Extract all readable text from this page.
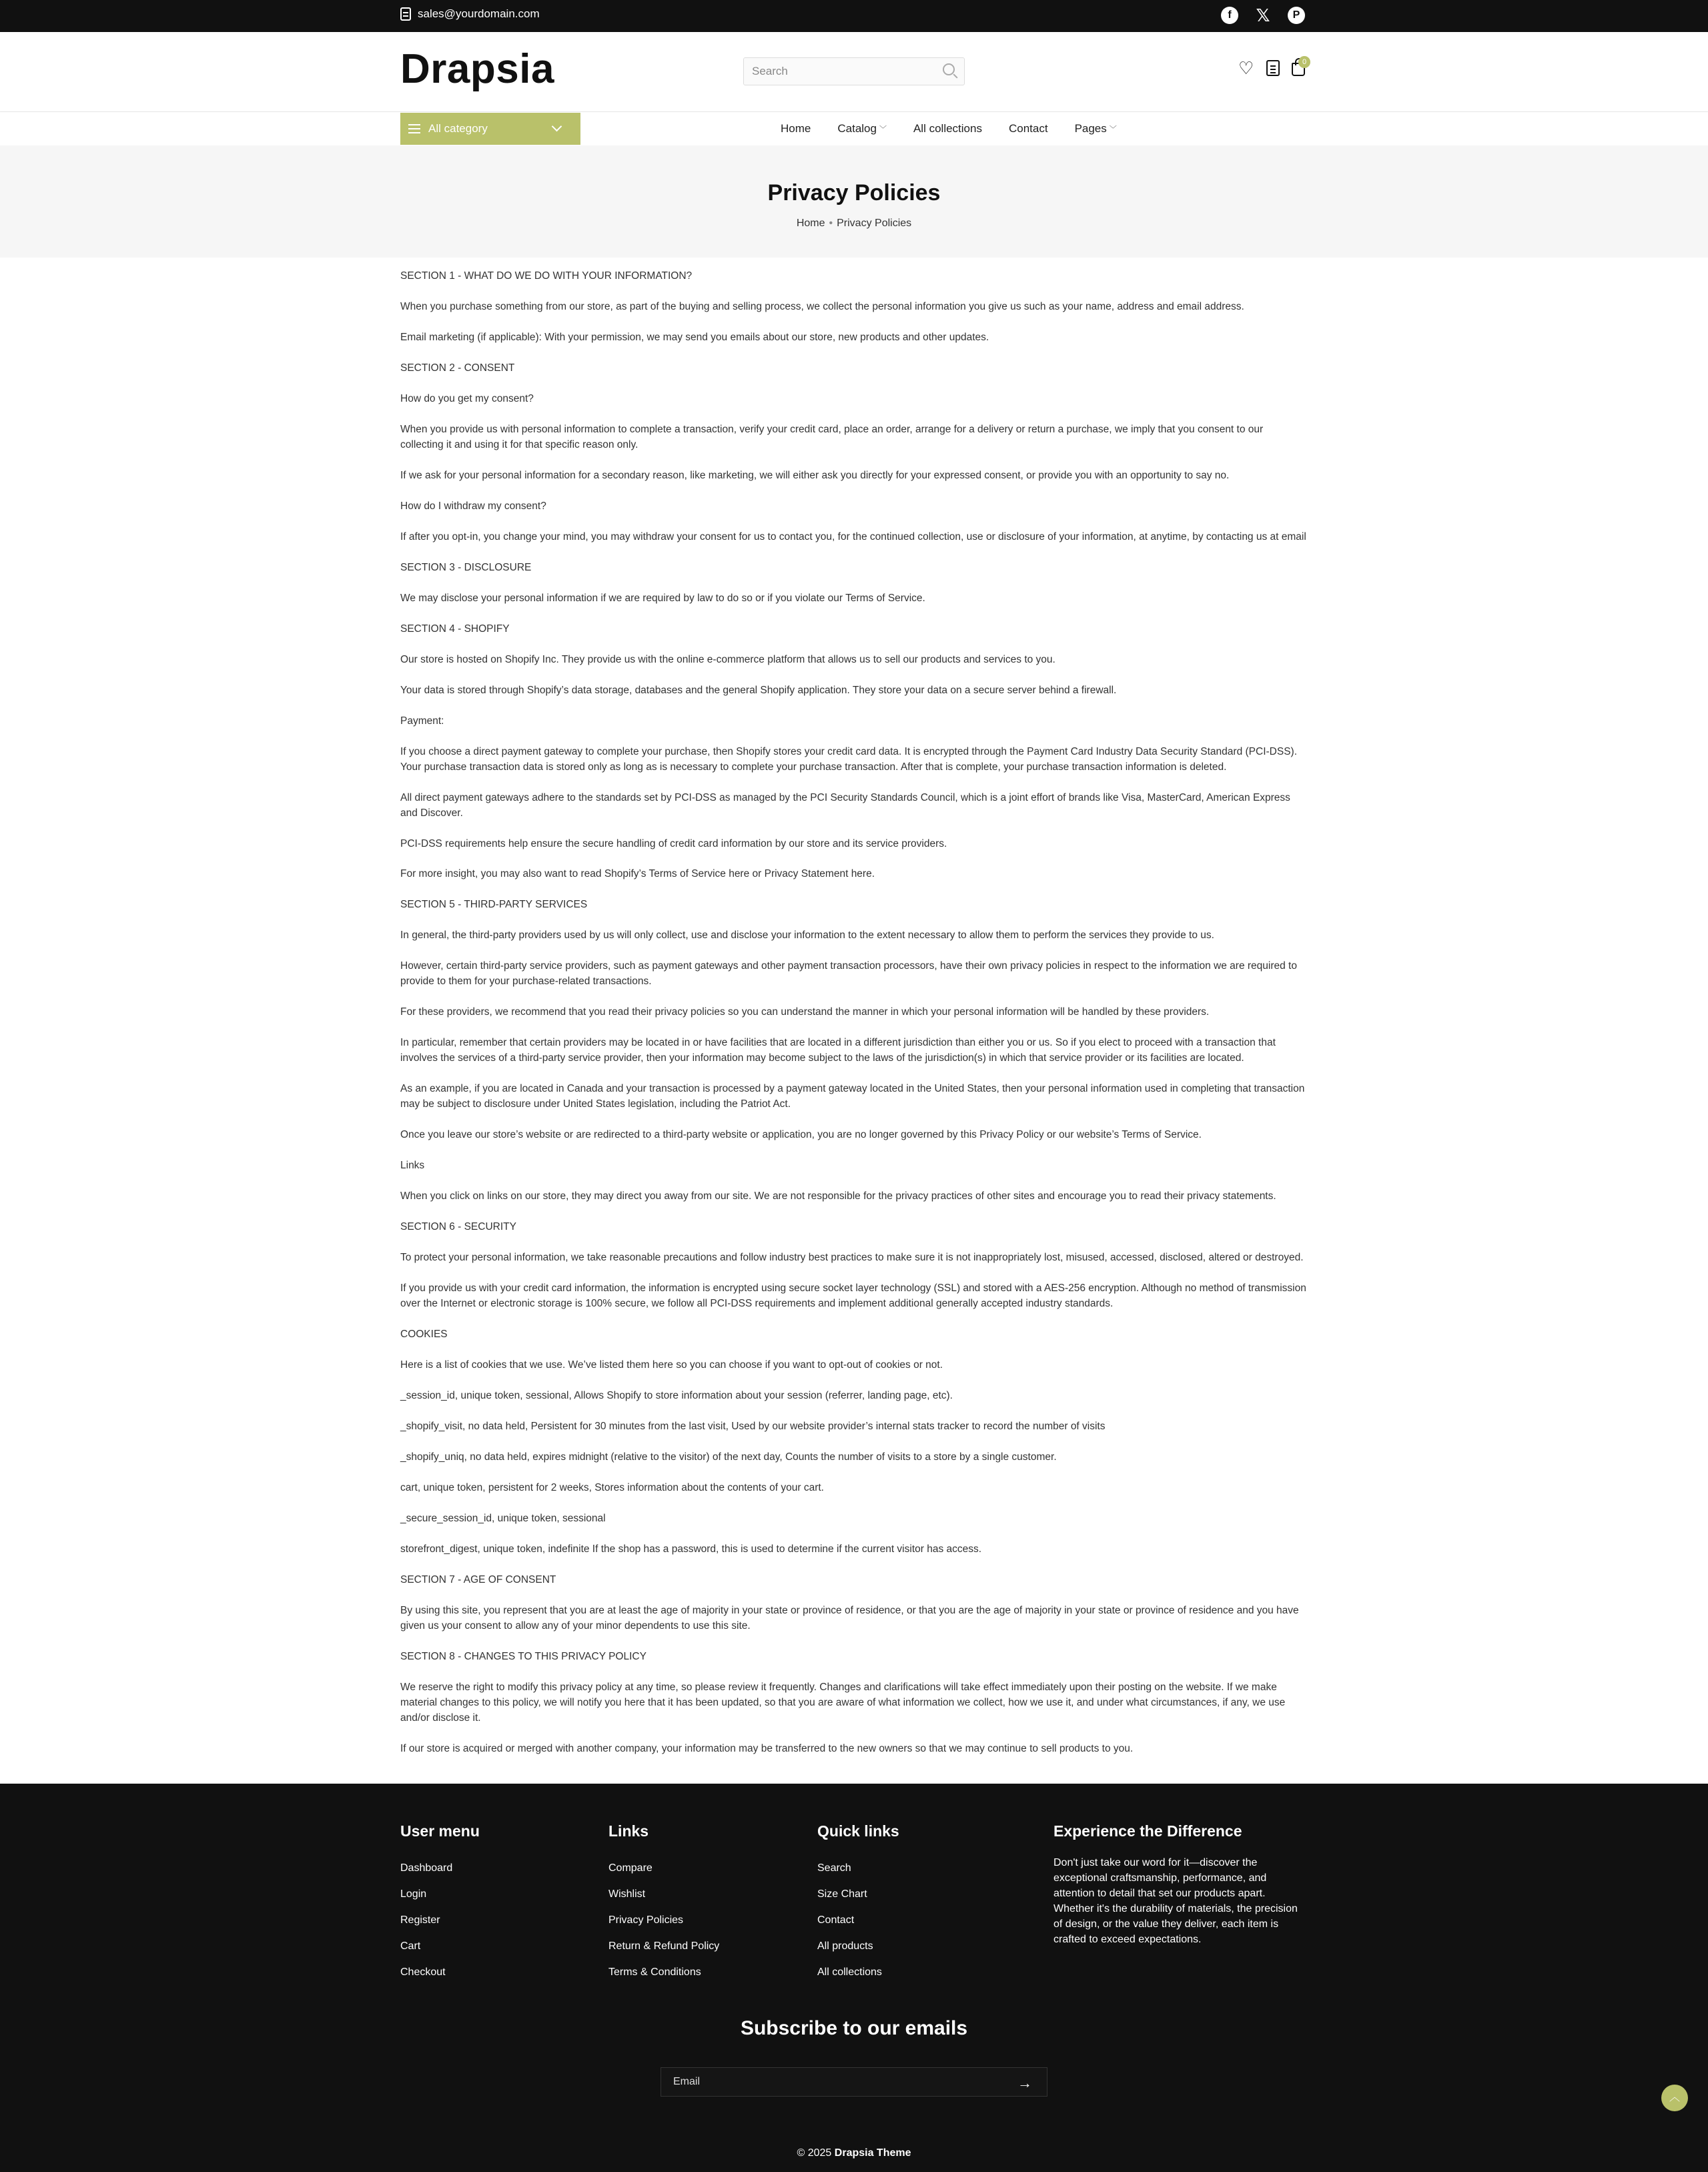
sales@yourdomain.com	f	𝕏	P
Drapsia
Search	♡	0
All category	Home Catalog ﹀ All collections Contact Pages ﹀
Privacy Policies
Home • Privacy Policies

SECTION 1 - WHAT DO WE DO WITH YOUR INFORMATION?

When you purchase something from our store, as part of the buying and selling process, we collect the personal information you give us such as your name, address and email address.

Email marketing (if applicable): With your permission, we may send you emails about our store, new products and other updates.

SECTION 2 - CONSENT

How do you get my consent?

When you provide us with personal information to complete a transaction, verify your credit card, place an order, arrange for a delivery or return a purchase, we imply that you consent to our collecting it and using it for that specific reason only.

If we ask for your personal information for a secondary reason, like marketing, we will either ask you directly for your expressed consent, or provide you with an opportunity to say no.

How do I withdraw my consent?

If after you opt-in, you change your mind, you may withdraw your consent for us to contact you, for the continued collection, use or disclosure of your information, at anytime, by contacting us at email

SECTION 3 - DISCLOSURE

We may disclose your personal information if we are required by law to do so or if you violate our Terms of Service.

SECTION 4 - SHOPIFY

Our store is hosted on Shopify Inc. They provide us with the online e-commerce platform that allows us to sell our products and services to you.

Your data is stored through Shopify’s data storage, databases and the general Shopify application. They store your data on a secure server behind a firewall.

Payment:

If you choose a direct payment gateway to complete your purchase, then Shopify stores your credit card data. It is encrypted through the Payment Card Industry Data Security Standard (PCI-DSS). Your purchase transaction data is stored only as long as is necessary to complete your purchase transaction. After that is complete, your purchase transaction information is deleted.

All direct payment gateways adhere to the standards set by PCI-DSS as managed by the PCI Security Standards Council, which is a joint effort of brands like Visa, MasterCard, American Express and Discover.

PCI-DSS requirements help ensure the secure handling of credit card information by our store and its service providers.

For more insight, you may also want to read Shopify’s Terms of Service here or Privacy Statement here.

SECTION 5 - THIRD-PARTY SERVICES

In general, the third-party providers used by us will only collect, use and disclose your information to the extent necessary to allow them to perform the services they provide to us.

However, certain third-party service providers, such as payment gateways and other payment transaction processors, have their own privacy policies in respect to the information we are required to provide to them for your purchase-related transactions.

For these providers, we recommend that you read their privacy policies so you can understand the manner in which your personal information will be handled by these providers.

In particular, remember that certain providers may be located in or have facilities that are located in a different jurisdiction than either you or us. So if you elect to proceed with a transaction that involves the services of a third-party service provider, then your information may become subject to the laws of the jurisdiction(s) in which that service provider or its facilities are located.

As an example, if you are located in Canada and your transaction is processed by a payment gateway located in the United States, then your personal information used in completing that transaction may be subject to disclosure under United States legislation, including the Patriot Act.

Once you leave our store’s website or are redirected to a third-party website or application, you are no longer governed by this Privacy Policy or our website’s Terms of Service.

Links

When you click on links on our store, they may direct you away from our site. We are not responsible for the privacy practices of other sites and encourage you to read their privacy statements.

SECTION 6 - SECURITY

To protect your personal information, we take reasonable precautions and follow industry best practices to make sure it is not inappropriately lost, misused, accessed, disclosed, altered or destroyed.

If you provide us with your credit card information, the information is encrypted using secure socket layer technology (SSL) and stored with a AES-256 encryption. Although no method of transmission over the Internet or electronic storage is 100% secure, we follow all PCI-DSS requirements and implement additional generally accepted industry standards.

COOKIES

Here is a list of cookies that we use. We’ve listed them here so you can choose if you want to opt-out of cookies or not.

_session_id, unique token, sessional, Allows Shopify to store information about your session (referrer, landing page, etc).

_shopify_visit, no data held, Persistent for 30 minutes from the last visit, Used by our website provider’s internal stats tracker to record the number of visits

_shopify_uniq, no data held, expires midnight (relative to the visitor) of the next day, Counts the number of visits to a store by a single customer.

cart, unique token, persistent for 2 weeks, Stores information about the contents of your cart.

_secure_session_id, unique token, sessional

storefront_digest, unique token, indefinite If the shop has a password, this is used to determine if the current visitor has access.

SECTION 7 - AGE OF CONSENT

By using this site, you represent that you are at least the age of majority in your state or province of residence, or that you are the age of majority in your state or province of residence and you have given us your consent to allow any of your minor dependents to use this site.

SECTION 8 - CHANGES TO THIS PRIVACY POLICY

We reserve the right to modify this privacy policy at any time, so please review it frequently. Changes and clarifications will take effect immediately upon their posting on the website. If we make material changes to this policy, we will notify you here that it has been updated, so that you are aware of what information we collect, how we use it, and under what circumstances, if any, we use and/or disclose it.

If our store is acquired or merged with another company, your information may be transferred to the new owners so that we may continue to sell products to you.

User menu
Dashboard
Login
Register
Cart
Checkout
Links
Compare
Wishlist
Privacy Policies
Return & Refund Policy
Terms & Conditions
Quick links
Search
Size Chart
Contact
All products
All collections
Experience the Difference
Don't just take our word for it—discover the exceptional craftsmanship, performance, and attention to detail that set our products apart. Whether it's the durability of materials, the precision of design, or the value they deliver, each item is crafted to exceed expectations.
Subscribe to our emails
Email
→
︿
© 2025 Drapsia Theme
